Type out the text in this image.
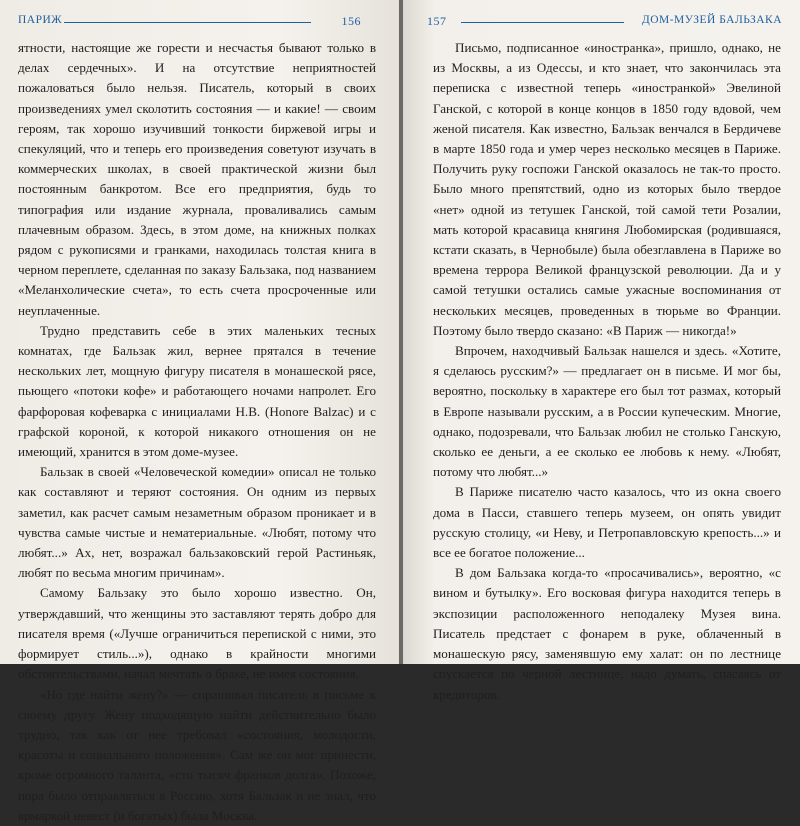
ПАРИЖ	156

ятности, настоящие же горести и несчастья бывают только в делах сердечных». И на отсутствие неприятностей пожаловаться было нельзя. Писатель, который в своих произведениях умел сколотить состояния — и какие! — своим героям, так хорошо изучивший тонкости биржевой игры и спекуляций, что и теперь его произведения советуют изучать в коммерческих школах, в своей практической жизни был постоянным банкротом. Все его предприятия, будь то типография или издание журнала, проваливались самым плачевным образом. Здесь, в этом доме, на книжных полках рядом с рукописями и гранками, находилась толстая книга в черном переплете, сделанная по заказу Бальзака, под названием «Меланхолические счета», то есть счета просроченные или неуплаченные.

Трудно представить себе в этих маленьких тесных комнатах, где Бальзак жил, вернее прятался в течение нескольких лет, мощную фигуру писателя в монашеской рясе, пьющего «потоки кофе» и работающего ночами напролет. Его фарфоровая кофеварка с инициалами Н.В. (Honore Balzac) и с графской короной, к которой никакого отношения он не имеющий, хранится в этом доме-музее.

Бальзак в своей «Человеческой комедии» описал не только как составляют и теряют состояния. Он одним из первых заметил, как расчет самым незаметным образом проникает и в чувства самые чистые и нематериальные. «Любят, потому что любят...» Ах, нет, возражал бальзаковский герой Растиньяк, любят по весьма многим причинам».

Самому Бальзаку это было хорошо известно. Он, утверждавший, что женщины это заставляют терять добро для писателя время («Лучше ограничиться перепиской с ними, это формирует стиль...»), однако в крайности многими обстоятельствами, начал мечтать о браке, не имея состояния.

«Но где найти жену?» — спрашивал писатель в письме к своему другу. Жену подходящую найти действительно было трудно, так как от нее требовал «состояния, молодости, красоты и социального положения». Сам же он мог принести, кроме огромного таланта, «сто тысяч франков долга». Похоже, пора было отправляться в Россию, хотя Бальзак и не знал, что ярмаркой невест (и богатых) была Москва.

157	ДОМ-МУЗЕЙ БАЛЬЗАКА

Письмо, подписанное «иностранка», пришло, однако, не из Москвы, а из Одессы, и кто знает, что закончилась эта переписка с известной теперь «иностранкой» Эвелиной Ганской, с которой в конце концов в 1850 году вдовой, чем женой писателя. Как известно, Бальзак венчался в Бердичеве в марте 1850 года и умер через несколько месяцев в Париже. Получить руку госпожи Ганской оказалось не так-то просто. Было много препятствий, одно из которых было твердое «нет» одной из тетушек Ганской, той самой тети Розалии, мать которой красавица княгиня Любомирская (родившаяся, кстати сказать, в Чернобыле) была обезглавлена в Париже во времена террора Великой французской революции. Да и у самой тетушки остались самые ужасные воспоминания от нескольких месяцев, проведенных в тюрьме во Франции. Поэтому было твердо сказано: «В Париж — никогда!»

Впрочем, находчивый Бальзак нашелся и здесь. «Хотите, я сделаюсь русским?» — предлагает он в письме. И мог бы, вероятно, поскольку в характере его был тот размах, который в Европе называли русским, а в России купеческим. Многие, однако, подозревали, что Бальзак любил не столько Ганскую, сколько ее деньги, а ее сколько ее любовь к нему. «Любят, потому что любят...»

В Париже писателю часто казалось, что из окна своего дома в Пасси, ставшего теперь музеем, он опять увидит русскую столицу, «и Неву, и Петропавловскую крепость...» и все ее богатое положение...

В дом Бальзака когда-то «просачивались», вероятно, «с вином и бутылку». Его восковая фигура находится теперь в экспозиции расположенного неподалеку Музея вина. Писатель предстает с фонарем в руке, облаченный в монашескую рясу, заменявшую ему халат: он по лестнице спускается по черной лестнице, надо думать, спасаясь от кредиторов.
